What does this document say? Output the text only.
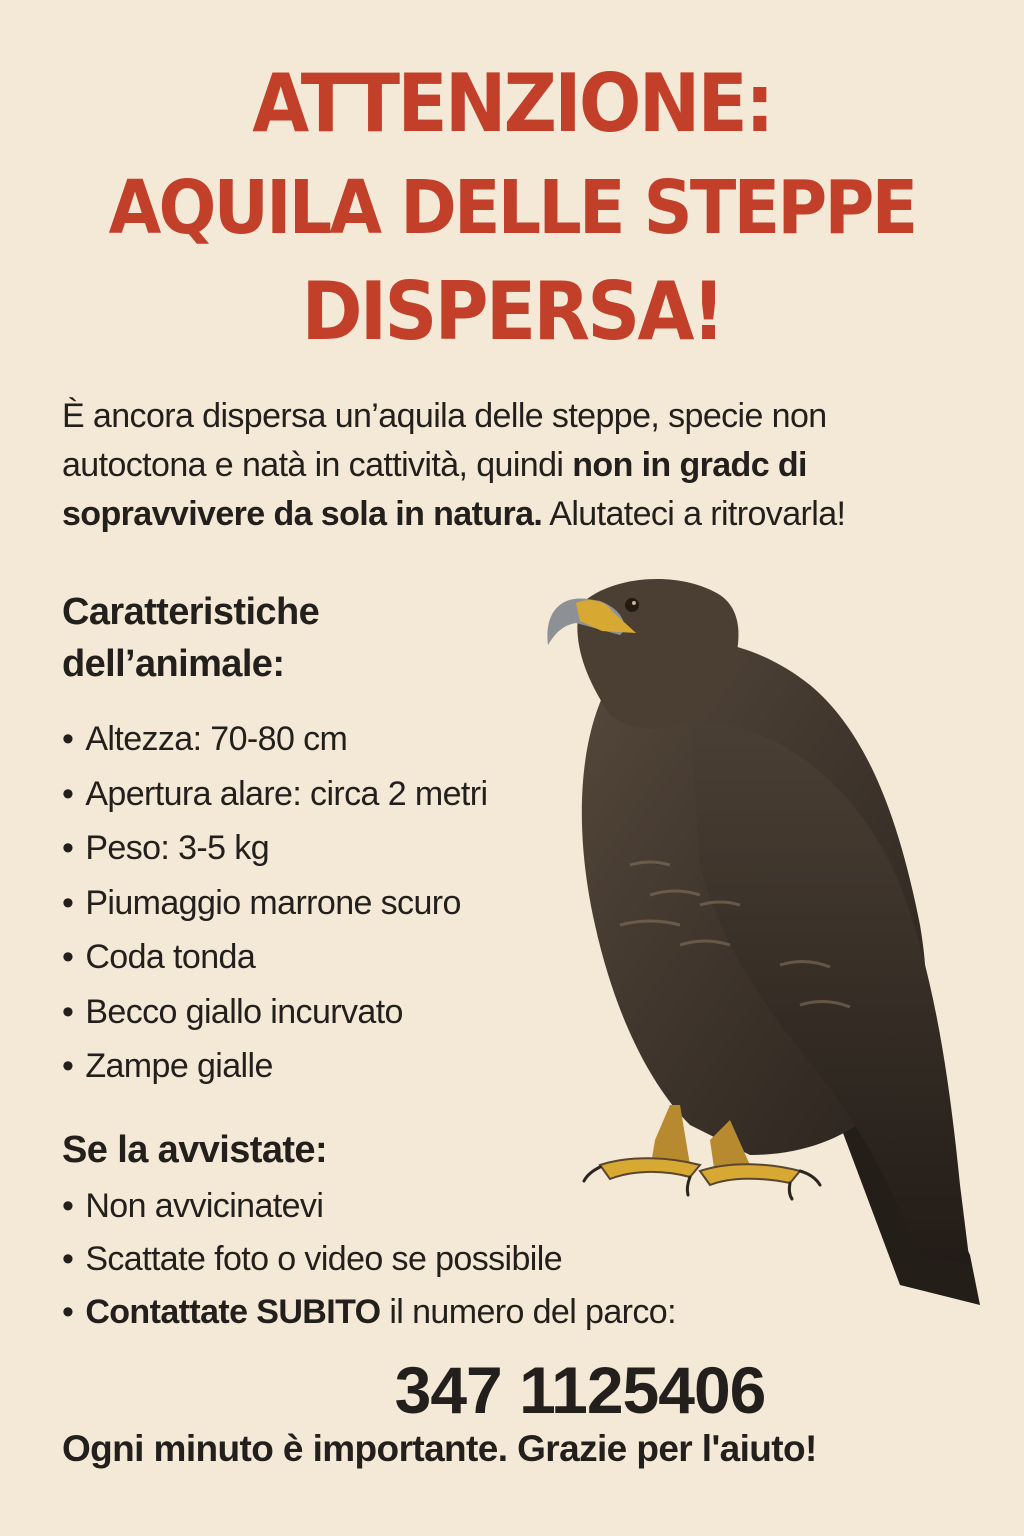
ATTENZIONE:
AQUILA DELLE STEPPE
DISPERSA!

È ancora dispersa un’aquila delle steppe, specie non autoctona e natà in cattività, quindi non in gradc di sopravvivere da sola in natura. Alutateci a ritrovarla!

Caratteristiche dell’animale:
• Altezza: 70-80 cm
• Apertura alare: circa 2 metri
• Peso: 3-5 kg
• Piumaggio marrone scuro
• Coda tonda
• Becco giallo incurvato
• Zampe gialle
Se la avvistate:
• Non avvicinatevi
• Scattate foto o video se possibile
• Contattate SUBITO il numero del parco:
347 1125406
Ogni minuto è importante. Grazie per l'aiuto!
